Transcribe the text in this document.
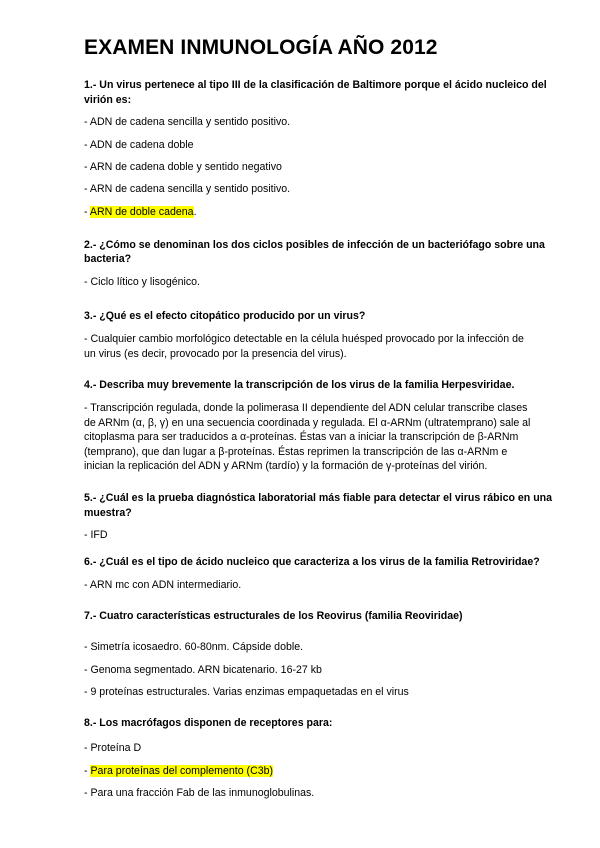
EXAMEN INMUNOLOGÍA AÑO 2012
1.- Un virus pertenece al tipo III de la clasificación de Baltimore porque el ácido nucleico del
virión es:
- ADN de cadena sencilla y sentido positivo.
- ADN de cadena doble
- ARN de cadena doble y sentido negativo
- ARN de cadena sencilla y sentido positivo.
- ARN de doble cadena.
2.- ¿Cómo se denominan los dos ciclos posibles de infección de un bacteriófago sobre una
bacteria?
- Ciclo lítico y lisogénico.
3.- ¿Qué es el efecto citopático producido por un virus?
- Cualquier cambio morfológico detectable en la célula huésped provocado por la infección de
un virus (es decir, provocado por la presencia del virus).
4.- Describa muy brevemente la transcripción de los virus de la familia Herpesviridae.
- Transcripción regulada, donde la polimerasa II dependiente del ADN celular transcribe clases
de ARNm (α, β, γ) en una secuencia coordinada y regulada. El α-ARNm (ultratemprano) sale al
citoplasma para ser traducidos a α-proteínas. Éstas van a iniciar la transcripción de β-ARNm
(temprano), que dan lugar a β-proteínas. Éstas reprimen la transcripción de las α-ARNm e
inician la replicación del ADN y ARNm (tardío) y la formación de γ-proteínas del virión.
5.- ¿Cuál es la prueba diagnóstica laboratorial más fiable para detectar el virus rábico en una
muestra?
- IFD
6.- ¿Cuál es el tipo de ácido nucleico que caracteriza a los virus de la familia Retroviridae?
- ARN mc con ADN intermediario.
7.- Cuatro características estructurales de los Reovirus (familia Reoviridae)
- Simetría icosaedro. 60-80nm. Cápside doble.
- Genoma segmentado. ARN bicatenario. 16-27 kb
- 9 proteínas estructurales. Varias enzimas empaquetadas en el virus
8.- Los macrófagos disponen de receptores para:
- Proteína D
- Para proteínas del complemento (C3b)
- Para una fracción Fab de las inmunoglobulinas.
